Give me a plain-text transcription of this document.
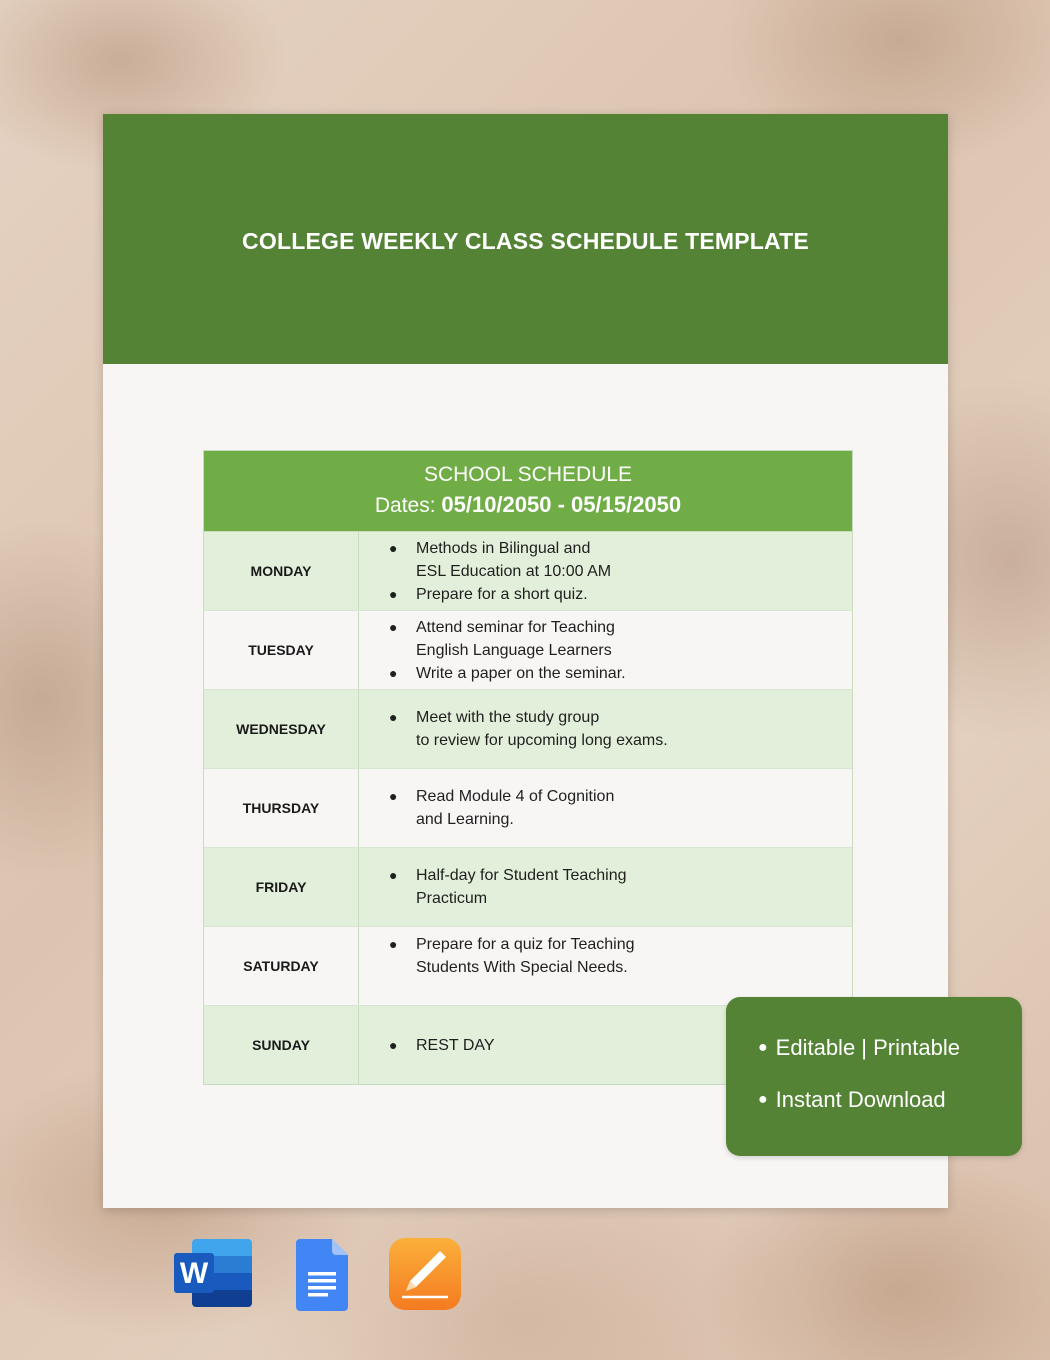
COLLEGE WEEKLY CLASS SCHEDULE TEMPLATE
SCHOOL SCHEDULE
Dates: 05/10/2050 - 05/15/2050
MONDAY
●	Methods in Bilingual and
ESL Education at 10:00 AM
●	Prepare for a short quiz.
TUESDAY
●	Attend seminar for Teaching
English Language Learners
●	Write a paper on the seminar.
WEDNESDAY
●	Meet with the study group
to review for upcoming long exams.
THURSDAY
●	Read Module 4 of Cognition
and Learning.
FRIDAY
●	Half-day for Student Teaching
Practicum
SATURDAY
●	Prepare for a quiz for Teaching
Students With Special Needs.
SUNDAY	●	REST DAY	● Editable | Printable
● Instant Download
W
